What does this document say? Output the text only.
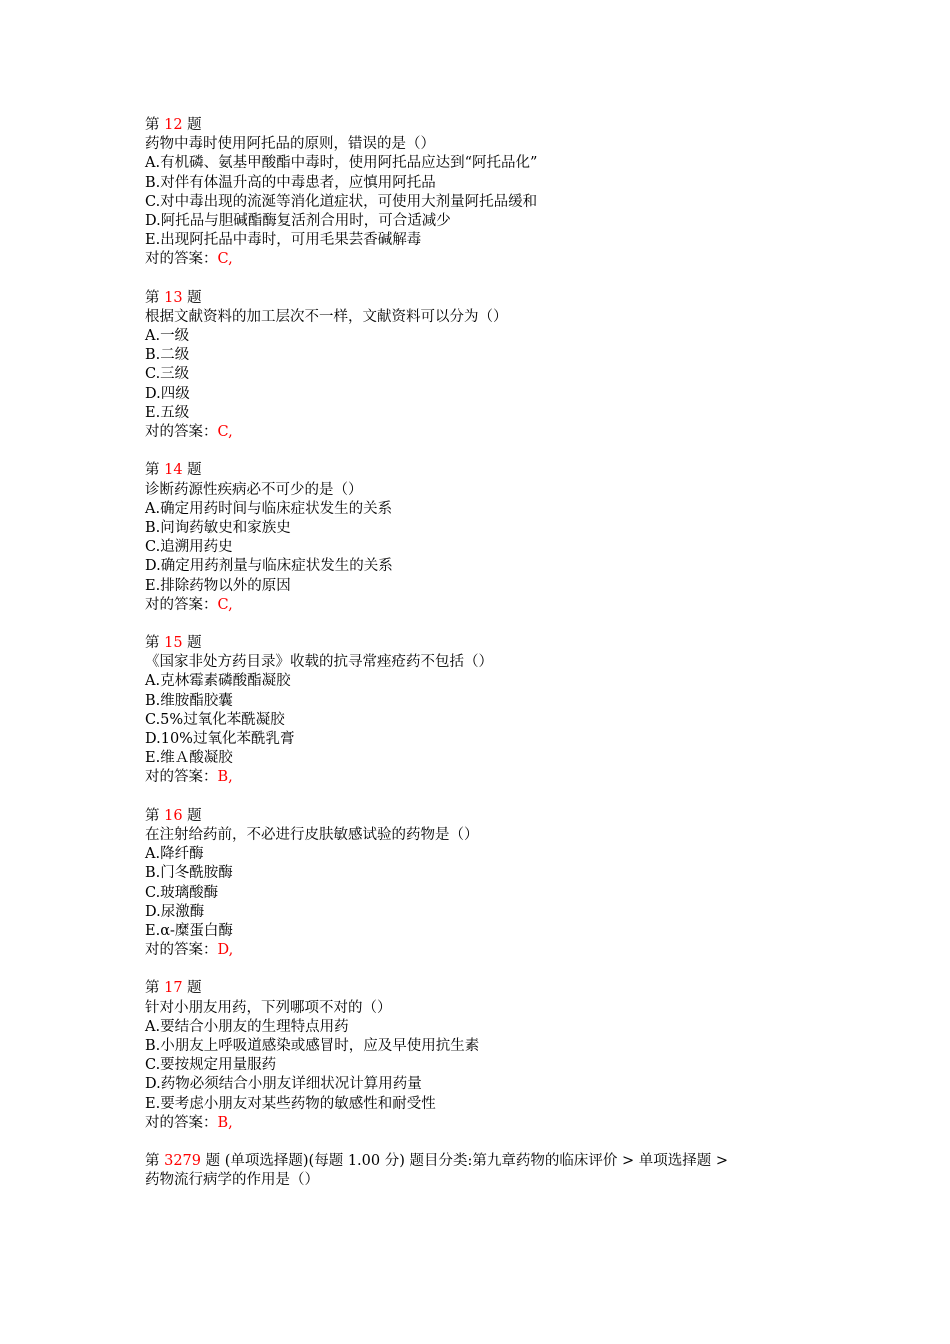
第 12 题
药物中毒时使用阿托品的原则，错误的是（）
A.有机磷、氨基甲酸酯中毒时，使用阿托品应达到“阿托品化”
B.对伴有体温升高的中毒患者，应慎用阿托品
C.对中毒出现的流涎等消化道症状，可使用大剂量阿托品缓和
D.阿托品与胆碱酯酶复活剂合用时，可合适减少
E.出现阿托品中毒时，可用毛果芸香碱解毒
对的答案：C,
第 13 题
根据文献资料的加工层次不一样，文献资料可以分为（）
A.一级
B.二级
C.三级
D.四级
E.五级
对的答案：C,
第 14 题
诊断药源性疾病必不可少的是（）
A.确定用药时间与临床症状发生的关系
B.问询药敏史和家族史
C.追溯用药史
D.确定用药剂量与临床症状发生的关系
E.排除药物以外的原因
对的答案：C,
第 15 题
《国家非处方药目录》收载的抗寻常痤疮药不包括（）
A.克林霉素磷酸酯凝胶
B.维胺酯胶囊
C.5%过氧化苯酰凝胶
D.10%过氧化苯酰乳膏
E.维Ａ酸凝胶
对的答案：B,
第 16 题
在注射给药前，不必进行皮肤敏感试验的药物是（）
A.降纤酶
B.门冬酰胺酶
C.玻璃酸酶
D.尿激酶
E.α-糜蛋白酶
对的答案：D,
第 17 题
针对小朋友用药，下列哪项不对的（）
A.要结合小朋友的生理特点用药
B.小朋友上呼吸道感染或感冒时，应及早使用抗生素
C.要按规定用量服药
D.药物必须结合小朋友详细状况计算用药量
E.要考虑小朋友对某些药物的敏感性和耐受性
对的答案：B,
第 3279 题 (单项选择题)(每题 1.00 分) 题目分类:第九章药物的临床评价 > 单项选择题 >
药物流行病学的作用是（）
